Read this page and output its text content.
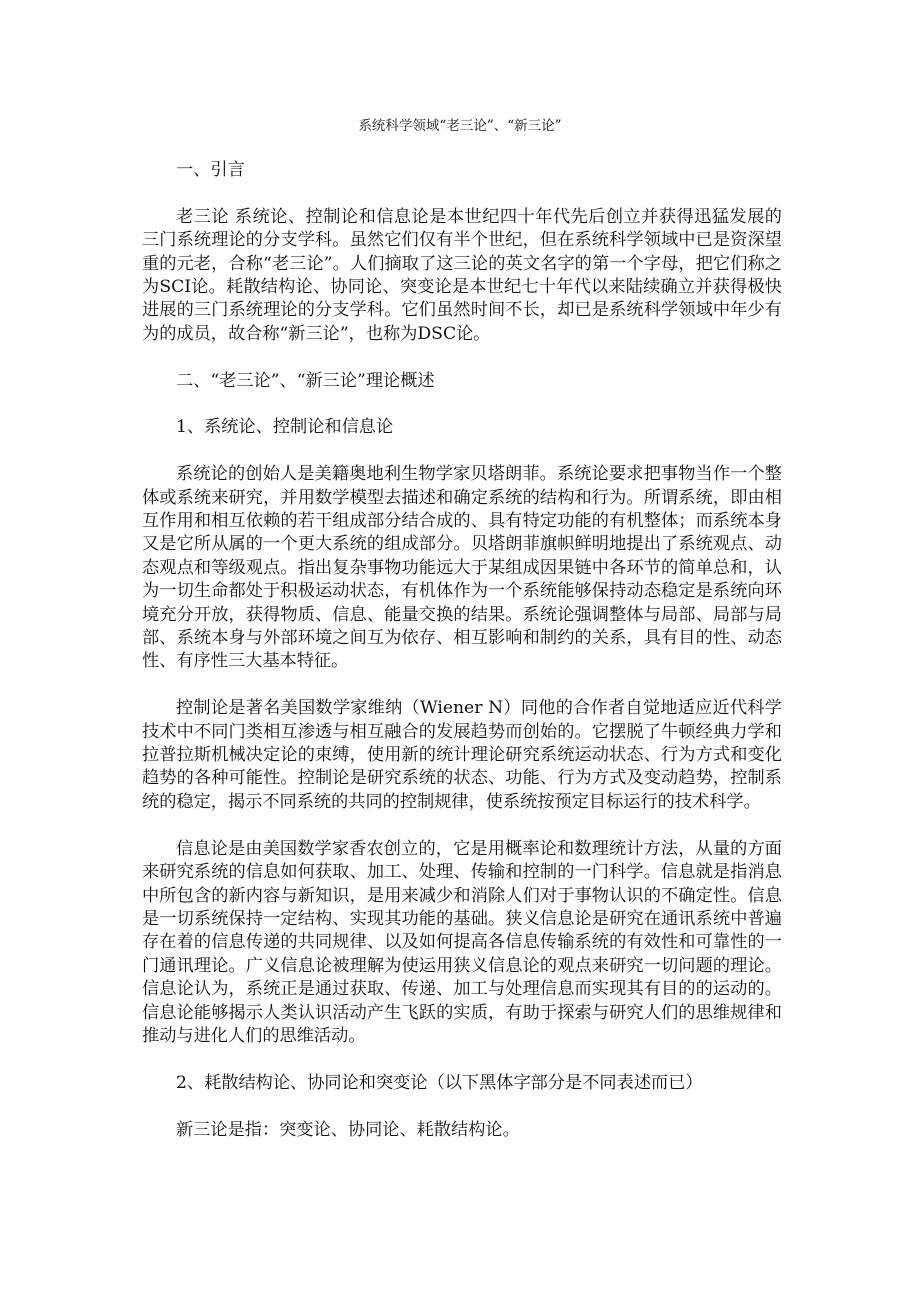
系统科学领域“老三论”、“新三论”

一、引言

老三论 系统论、控制论和信息论是本世纪四十年代先后创立并获得迅猛发展的三门系统理论的分支学科。虽然它们仅有半个世纪，但在系统科学领域中已是资深望重的元老，合称“老三论”。人们摘取了这三论的英文名字的第一个字母，把它们称之为SCI论。耗散结构论、协同论、突变论是本世纪七十年代以来陆续确立并获得极快进展的三门系统理论的分支学科。它们虽然时间不长，却已是系统科学领域中年少有为的成员，故合称“新三论”，也称为DSC论。

二、“老三论”、“新三论”理论概述

1、系统论、控制论和信息论

系统论的创始人是美籍奥地利生物学家贝塔朗菲。系统论要求把事物当作一个整体或系统来研究，并用数学模型去描述和确定系统的结构和行为。所谓系统，即由相互作用和相互依赖的若干组成部分结合成的、具有特定功能的有机整体；而系统本身又是它所从属的一个更大系统的组成部分。贝塔朗菲旗帜鲜明地提出了系统观点、动态观点和等级观点。指出复杂事物功能远大于某组成因果链中各环节的简单总和，认为一切生命都处于积极运动状态，有机体作为一个系统能够保持动态稳定是系统向环境充分开放，获得物质、信息、能量交换的结果。系统论强调整体与局部、局部与局部、系统本身与外部环境之间互为依存、相互影响和制约的关系，具有目的性、动态性、有序性三大基本特征。

控制论是著名美国数学家维纳（Wiener N）同他的合作者自觉地适应近代科学技术中不同门类相互渗透与相互融合的发展趋势而创始的。它摆脱了牛顿经典力学和拉普拉斯机械决定论的束缚，使用新的统计理论研究系统运动状态、行为方式和变化趋势的各种可能性。控制论是研究系统的状态、功能、行为方式及变动趋势，控制系统的稳定，揭示不同系统的共同的控制规律，使系统按预定目标运行的技术科学。

信息论是由美国数学家香农创立的，它是用概率论和数理统计方法，从量的方面来研究系统的信息如何获取、加工、处理、传输和控制的一门科学。信息就是指消息中所包含的新内容与新知识，是用来减少和消除人们对于事物认识的不确定性。信息是一切系统保持一定结构、实现其功能的基础。狭义信息论是研究在通讯系统中普遍存在着的信息传递的共同规律、以及如何提高各信息传输系统的有效性和可靠性的一门通讯理论。广义信息论被理解为使运用狭义信息论的观点来研究一切问题的理论。信息论认为，系统正是通过获取、传递、加工与处理信息而实现其有目的的运动的。信息论能够揭示人类认识活动产生飞跃的实质，有助于探索与研究人们的思维规律和推动与进化人们的思维活动。

2、耗散结构论、协同论和突变论（以下黑体字部分是不同表述而已）

新三论是指：突变论、协同论、耗散结构论。
